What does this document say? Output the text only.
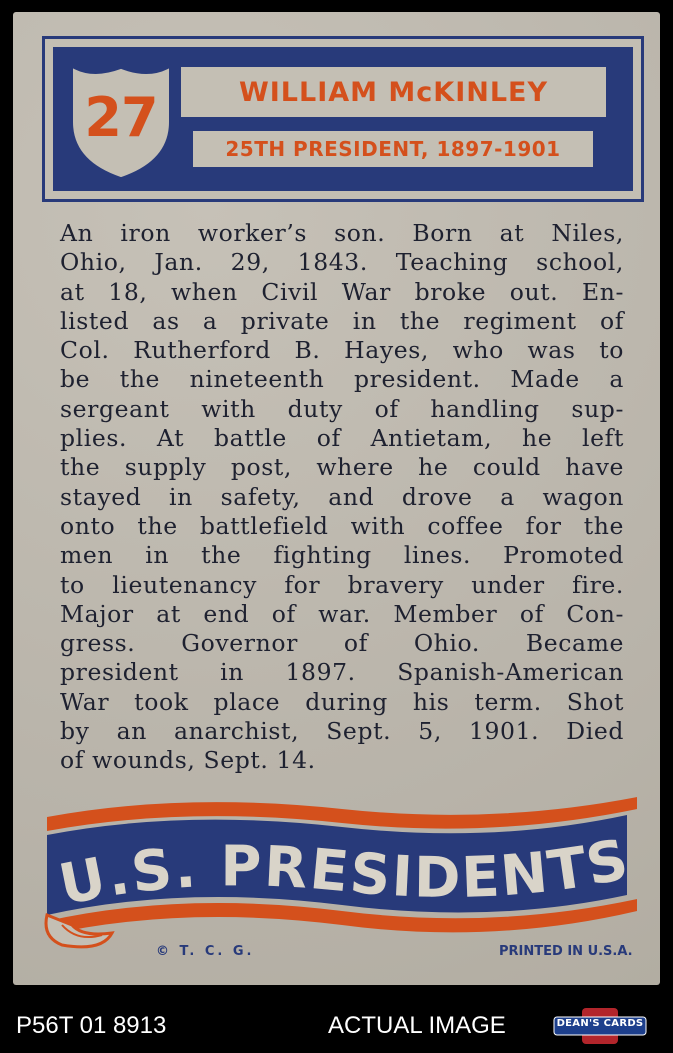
27	WILLIAM McKINLEY
25TH PRESIDENT, 1897-1901
An iron worker’s son. Born at Niles,
Ohio, Jan. 29, 1843. Teaching school,
at 18, when Civil War broke out. En-
listed as a private in the regiment of
Col. Rutherford B. Hayes, who was to
be the nineteenth president. Made a
sergeant with duty of handling sup-
plies. At battle of Antietam, he left
the supply post, where he could have
stayed in safety, and drove a wagon
onto the battlefield with coffee for the
men in the fighting lines. Promoted
to lieutenancy for bravery under fire.
Major at end of war. Member of Con-
gress. Governor of Ohio. Became
president in 1897. Spanish-American
War took place during his term. Shot
by an anarchist, Sept. 5, 1901. Died
of wounds, Sept. 14.
U.S. PRESIDENTS
© T. C. G.	PRINTED IN U.S.A.
P56T 01 8913	ACTUAL IMAGE	DEAN'S CARDS
